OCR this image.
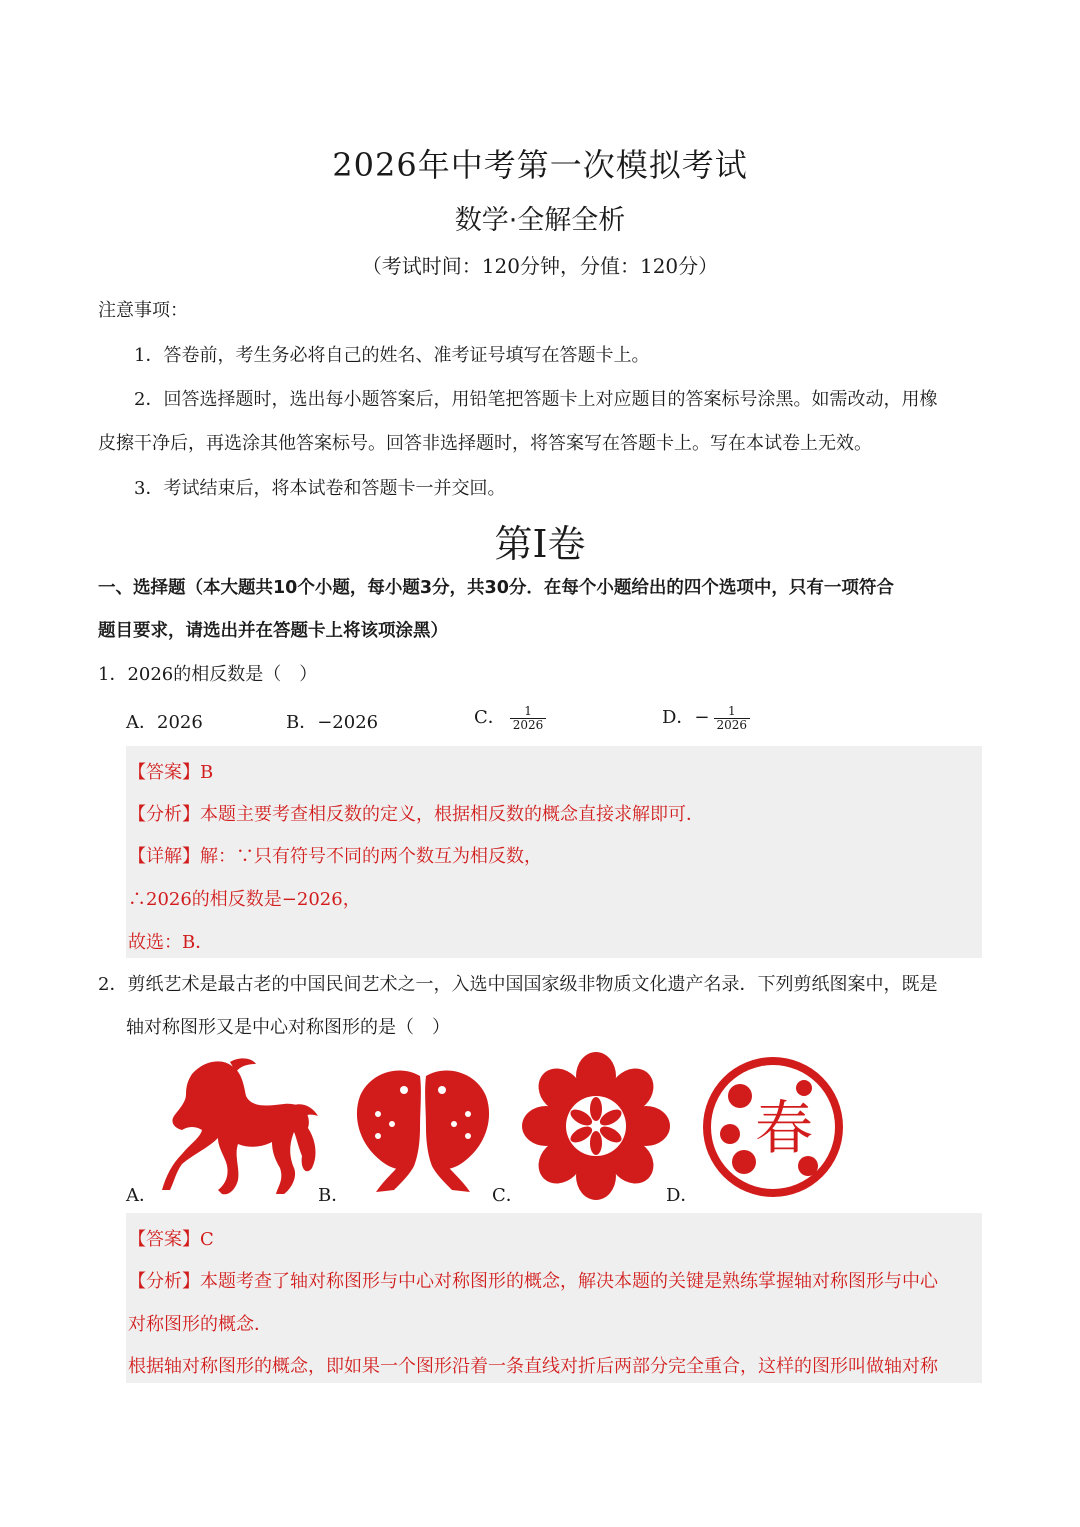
2026年中考第一次模拟考试
数学·全解全析
（考试时间：120分钟，分值：120分）
注意事项：
1．答卷前，考生务必将自己的姓名、准考证号填写在答题卡上。
2．回答选择题时，选出每小题答案后，用铅笔把答题卡上对应题目的答案标号涂黑。如需改动，用橡
皮擦干净后，再选涂其他答案标号。回答非选择题时，将答案写在答题卡上。写在本试卷上无效。
3．考试结束后，将本试卷和答题卡一并交回。
第I卷
一、选择题（本大题共10个小题，每小题3分，共30分．在每个小题给出的四个选项中，只有一项符合
题目要求，请选出并在答题卡上将该项涂黑）
1．2026的相反数是（　）
A．2026	B．−2026	C． $\frac{1}{2026}$	D．− $\frac{1}{2026}$
【答案】B
【分析】本题主要考查相反数的定义，根据相反数的概念直接求解即可．
【详解】解：∵只有符号不同的两个数互为相反数，
∴2026的相反数是−2026，
故选：B．
2．剪纸艺术是最古老的中国民间艺术之一，入选中国国家级非物质文化遗产名录．下列剪纸图案中，既是
轴对称图形又是中心对称图形的是（　）
A．	B．	C．
春
D．
【答案】C
【分析】本题考查了轴对称图形与中心对称图形的概念，解决本题的关键是熟练掌握轴对称图形与中心
对称图形的概念．
根据轴对称图形的概念，即如果一个图形沿着一条直线对折后两部分完全重合，这样的图形叫做轴对称
